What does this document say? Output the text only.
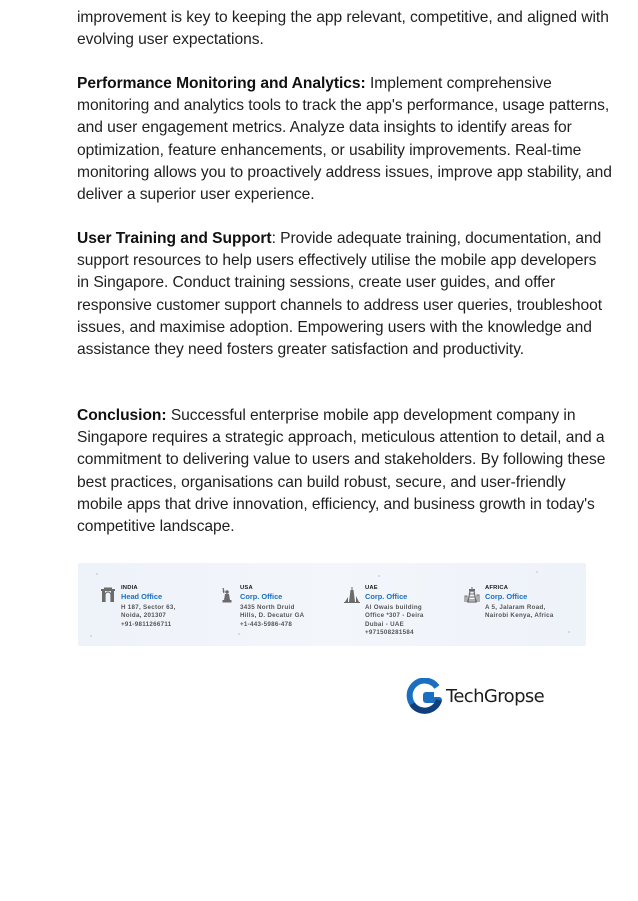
improvement is key to keeping the app relevant, competitive, and aligned with evolving user expectations.
Performance Monitoring and Analytics: Implement comprehensive monitoring and analytics tools to track the app's performance, usage patterns, and user engagement metrics. Analyze data insights to identify areas for optimization, feature enhancements, or usability improvements. Real-time monitoring allows you to proactively address issues, improve app stability, and deliver a superior user experience.
User Training and Support: Provide adequate training, documentation, and support resources to help users effectively utilise the mobile app developers in Singapore. Conduct training sessions, create user guides, and offer responsive customer support channels to address user queries, troubleshoot issues, and maximise adoption. Empowering users with the knowledge and assistance they need fosters greater satisfaction and productivity.
Conclusion: Successful enterprise mobile app development company in Singapore requires a strategic approach, meticulous attention to detail, and a commitment to delivering value to users and stakeholders. By following these best practices, organisations can build robust, secure, and user-friendly mobile apps that drive innovation, efficiency, and business growth in today's competitive landscape.
INDIA
Head Office
H 187, Sector 63,
Noida, 201307
+91-9811266711
USA
Corp. Office
3435 North Druid
Hills, D. Decatur GA
+1-443-5986-478
UAE
Corp. Office
Al Owais building
Office *307 - Deira
Dubai - UAE
+971508281584
AFRICA
Corp. Office
A 5, Jalaram Road,
Nairobi Kenya, Africa
TechGropse
